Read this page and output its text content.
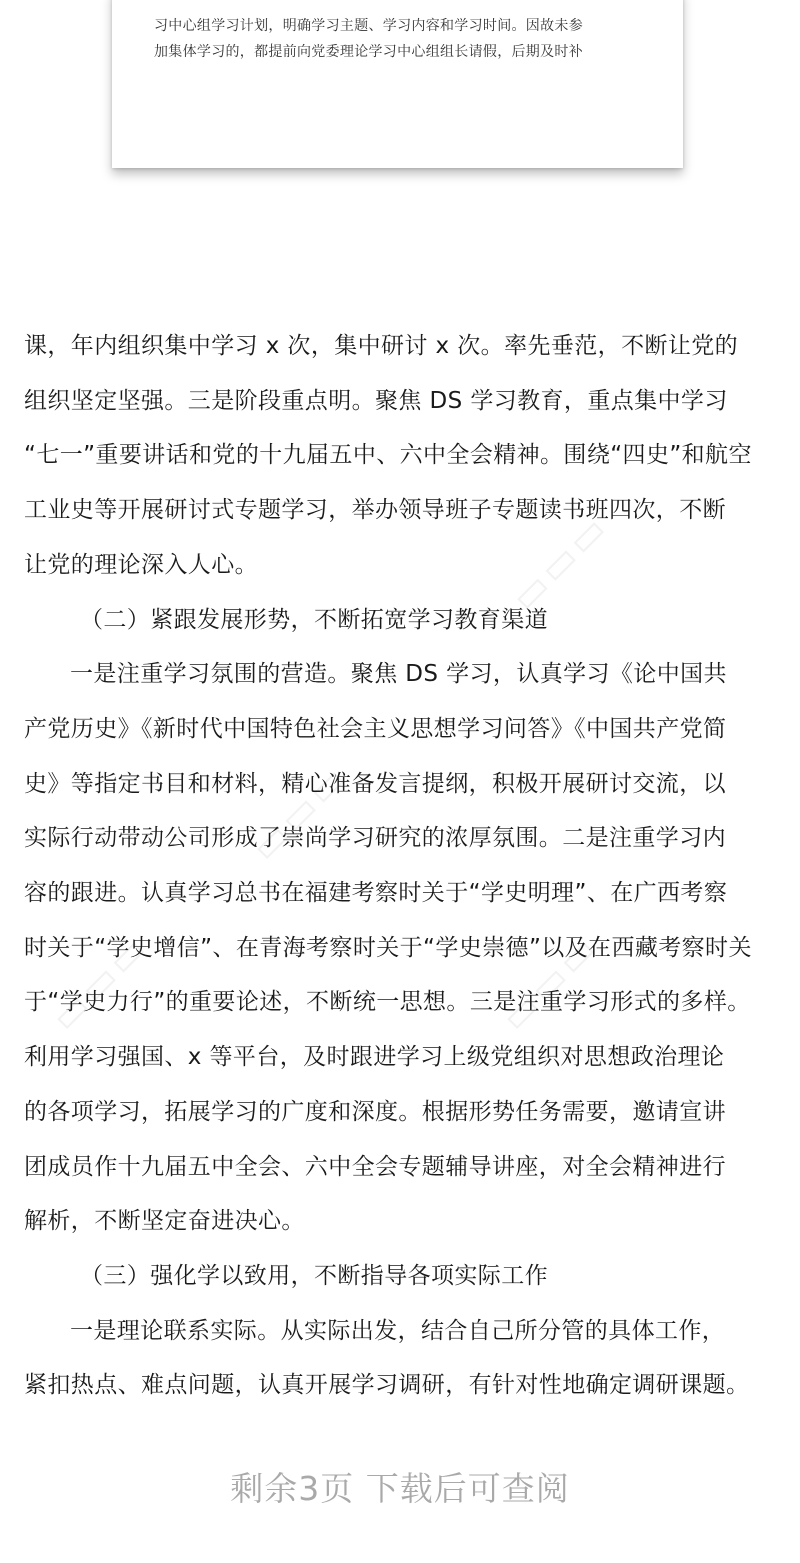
习中心组学习计划，明确学习主题、学习内容和学习时间。因故未参

加集体学习的，都提前向党委理论学习中心组组长请假，后期及时补

▭▭▭
▭▭▭
▭▭▭
▭▭▭
课，年内组织集中学习 x 次，集中研讨 x 次。率先垂范，不断让党的
组织坚定坚强。三是阶段重点明。聚焦 DS 学习教育，重点集中学习
“七一”重要讲话和党的十九届五中、六中全会精神。围绕“四史”和航空
工业史等开展研讨式专题学习，举办领导班子专题读书班四次，不断
让党的理论深入人心。
（二）紧跟发展形势，不断拓宽学习教育渠道
一是注重学习氛围的营造。聚焦 DS 学习，认真学习《论中国共
产党历史》《新时代中国特色社会主义思想学习问答》《中国共产党简
史》等指定书目和材料，精心准备发言提纲，积极开展研讨交流，以
实际行动带动公司形成了崇尚学习研究的浓厚氛围。二是注重学习内
容的跟进。认真学习总书在福建考察时关于“学史明理”、在广西考察
时关于“学史增信”、在青海考察时关于“学史崇德”以及在西藏考察时关
于“学史力行”的重要论述，不断统一思想。三是注重学习形式的多样。
利用学习强国、x 等平台，及时跟进学习上级党组织对思想政治理论
的各项学习，拓展学习的广度和深度。根据形势任务需要，邀请宣讲
团成员作十九届五中全会、六中全会专题辅导讲座，对全会精神进行
解析，不断坚定奋进决心。
（三）强化学以致用，不断指导各项实际工作
一是理论联系实际。从实际出发，结合自己所分管的具体工作，
紧扣热点、难点问题，认真开展学习调研，有针对性地确定调研课题。
剩余3页 下载后可查阅
